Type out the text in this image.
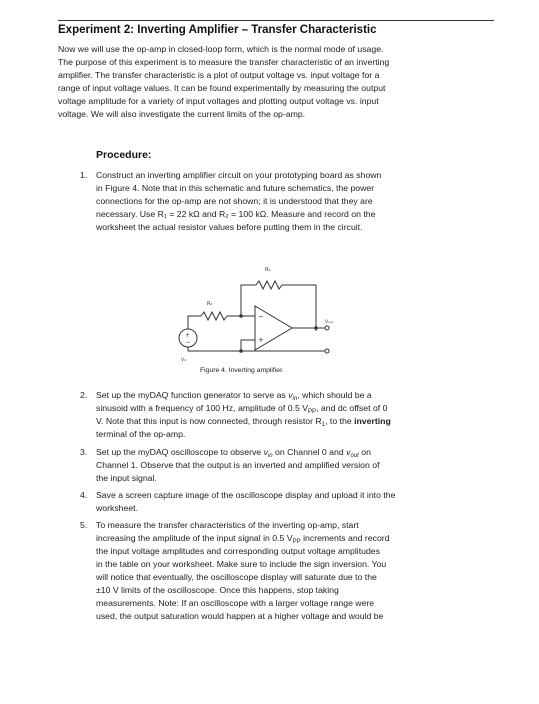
Experiment 2: Inverting Amplifier – Transfer Characteristic
Now we will use the op-amp in closed-loop form, which is the normal mode of usage.
The purpose of this experiment is to measure the transfer characteristic of an inverting
amplifier. The transfer characteristic is a plot of output voltage vs. input voltage for a
range of input voltage values. It can be found experimentally by measuring the output
voltage amplitude for a variety of input voltages and plotting output voltage vs. input
voltage. We will also investigate the current limits of the op-amp.
Procedure:
1. Construct an inverting amplifier circuit on your prototyping board as shown
in Figure 4. Note that in this schematic and future schematics, the power
connections for the op-amp are not shown; it is understood that they are
necessary. Use R₁ = 22 kΩ and R₂ = 100 kΩ. Measure and record on the
worksheet the actual resistor values before putting them in the circuit.
+
−
R₂
R₁
−
+
Vᵢₙ
Vₒᵤₜ
Figure 4. Inverting amplifier.
2. Set up the myDAQ function generator to serve as $v_{in}$, which should be a
sinusoid with a frequency of 100 Hz, amplitude of 0.5 $V_{PP}$, and dc offset of 0
V. Note that this input is now connected, through resistor $R_1$, to the inverting
terminal of the op-amp.
3. Set up the myDAQ oscilloscope to observe $v_{in}$ on Channel 0 and $v_{out}$ on
Channel 1. Observe that the output is an inverted and amplified version of
the input signal.
4. Save a screen capture image of the oscilloscope display and upload it into the
worksheet.
5. To measure the transfer characteristics of the inverting op-amp, start
increasing the amplitude of the input signal in 0.5 $V_{PP}$ increments and record
the input voltage amplitudes and corresponding output voltage amplitudes
in the table on your worksheet. Make sure to include the sign inversion. You
will notice that eventually, the oscilloscope display will saturate due to the
±10 V limits of the oscilloscope. Once this happens, stop taking
measurements. Note: If an oscilloscope with a larger voltage range were
used, the output saturation would happen at a higher voltage and would be
